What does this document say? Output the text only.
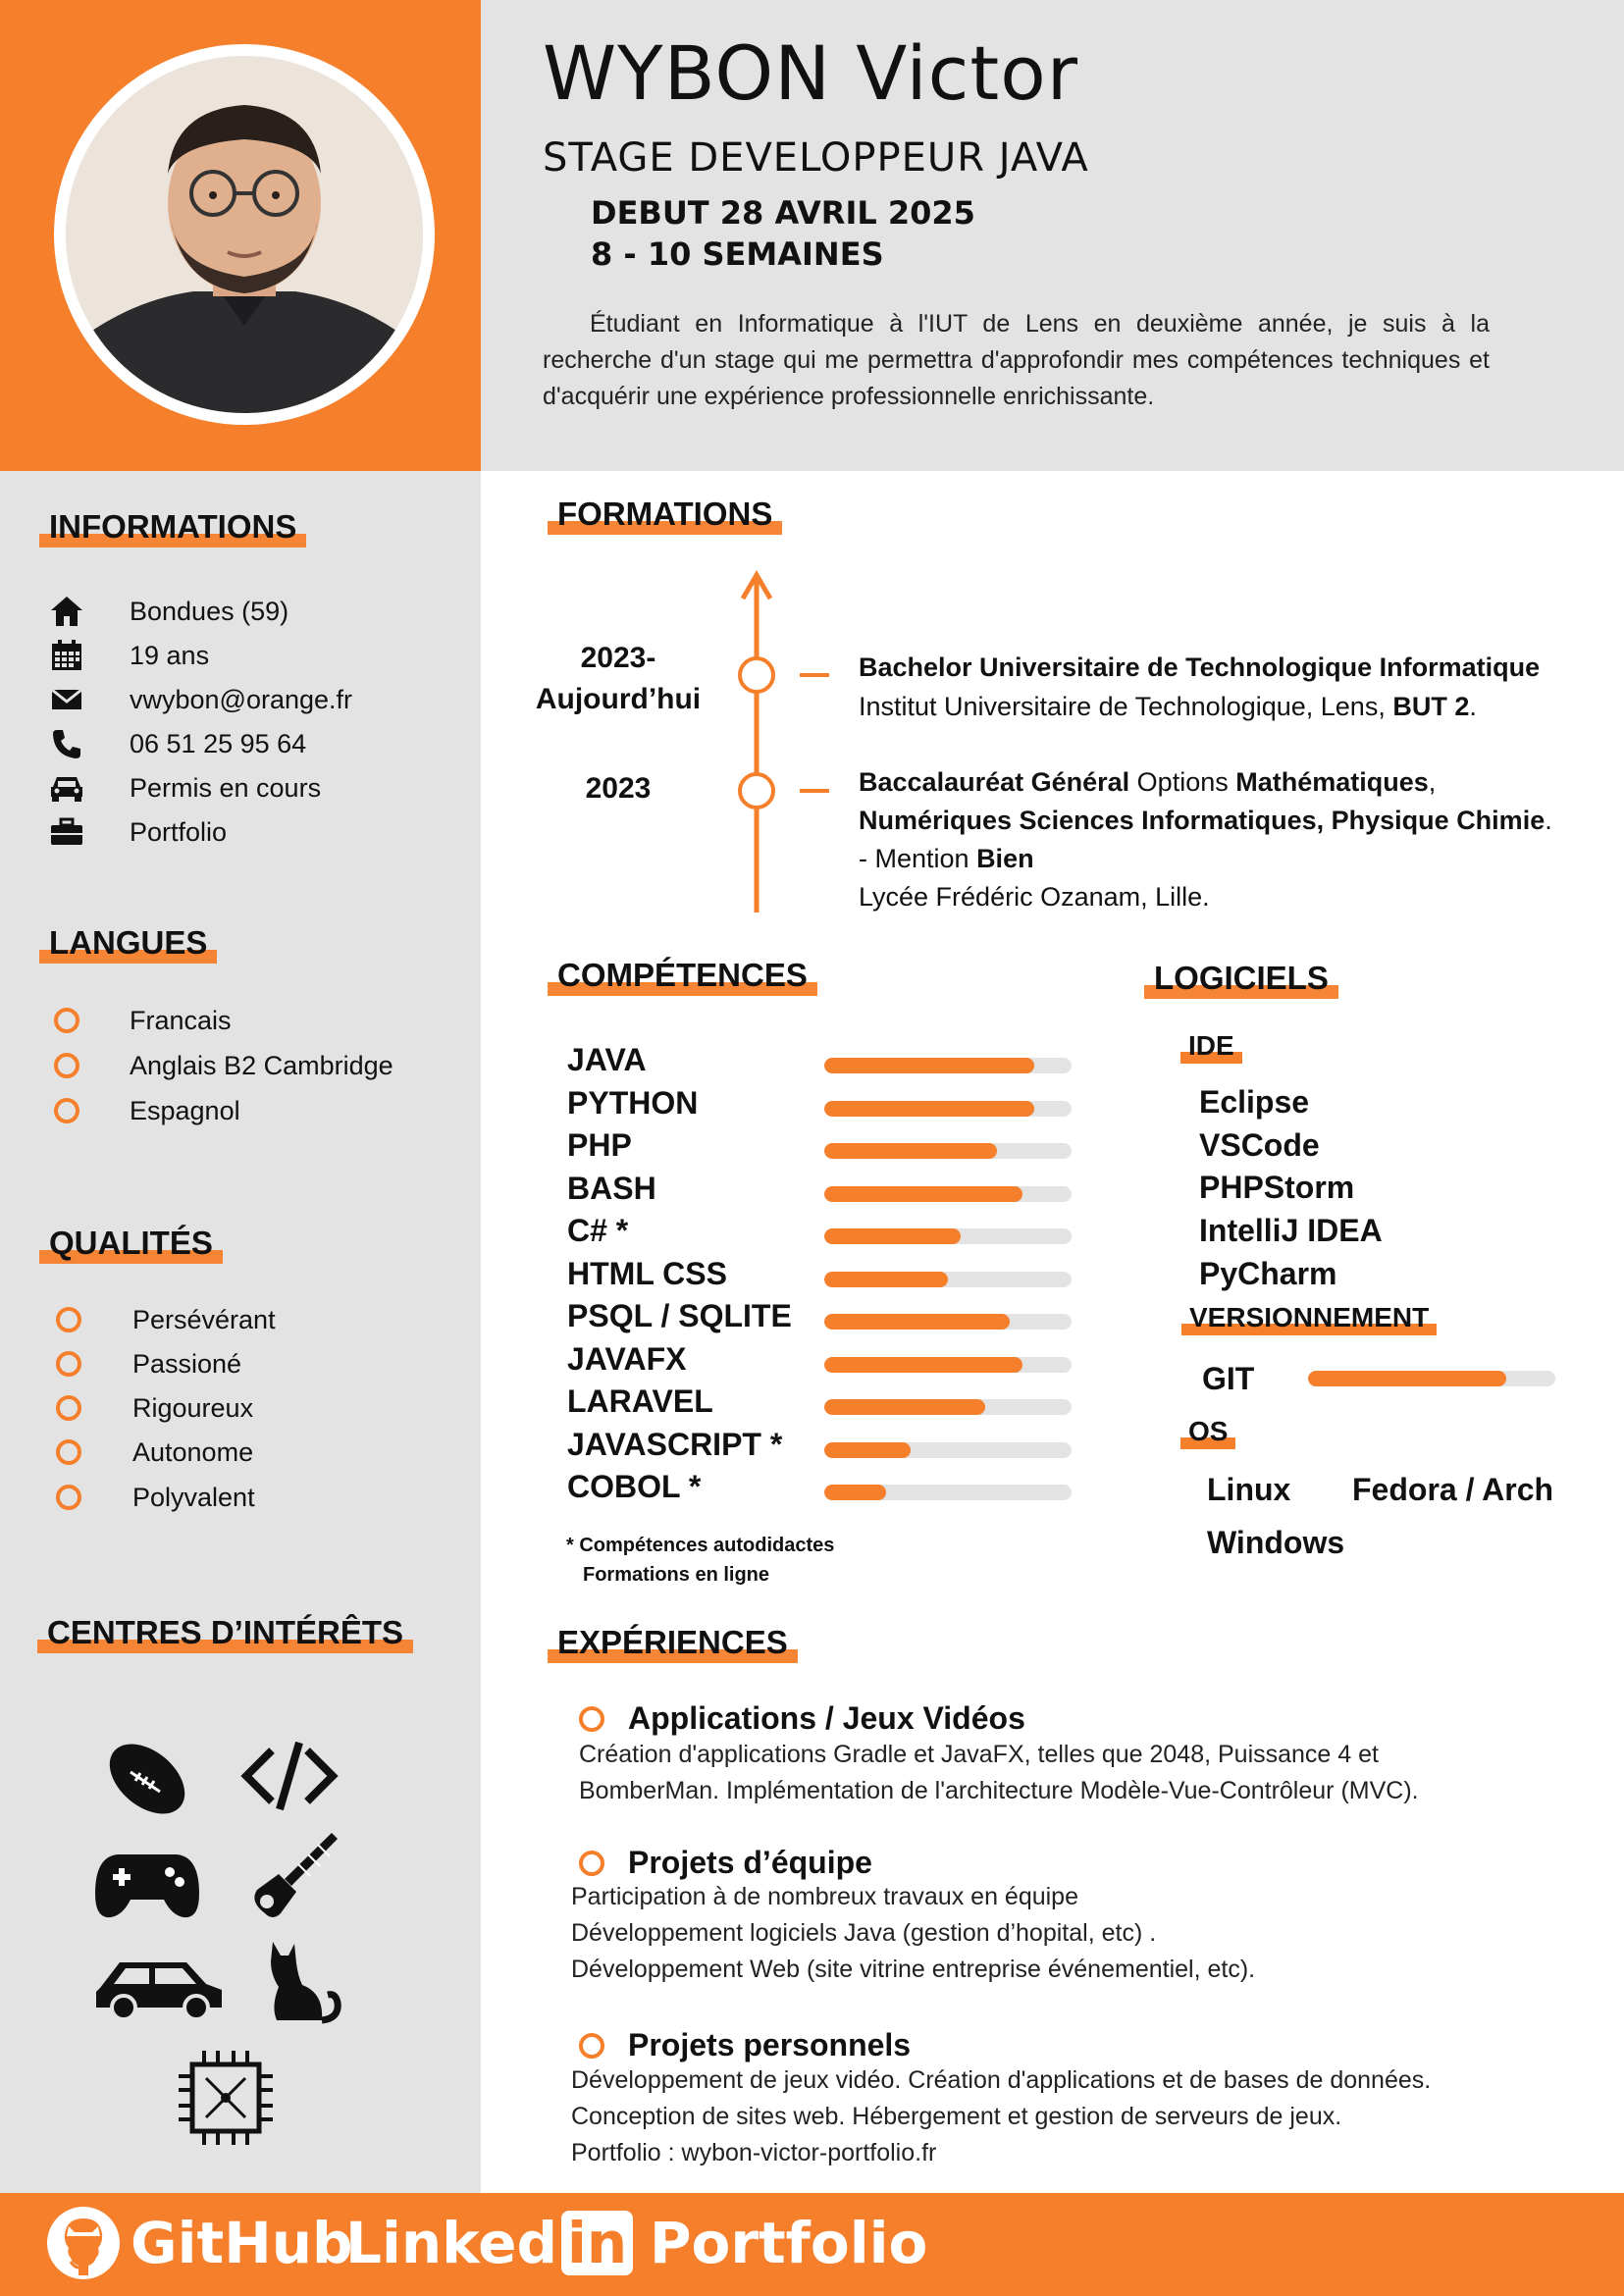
WYBON Victor
STAGE DEVELOPPEUR JAVA
DEBUT 28 AVRIL 2025
8 - 10 SEMAINES
Étudiant en Informatique à l'IUT de Lens en deuxième année, je suis à la recherche d'un stage qui me permettra d'approfondir mes compétences techniques et d'acquérir une expérience professionnelle enrichissante.
INFORMATIONS
Bondues (59)
19 ans
vwybon@orange.fr
06 51 25 95 64
Permis en cours
Portfolio
LANGUES
Francais
Anglais B2 Cambridge
Espagnol
QUALITÉS
Persévérant
Passioné
Rigoureux
Autonome
Polyvalent
CENTRES D’INTÉRÊTS
FORMATIONS
2023-
Aujourd’hui
Bachelor Universitaire de Technologique Informatique
Institut Universitaire de Technologique, Lens, BUT 2.
2023	Baccalauréat Général Options Mathématiques,
Numériques Sciences Informatiques, Physique Chimie.
- Mention Bien
Lycée Frédéric Ozanam, Lille.
COMPÉTENCES
JAVA
PYTHON
PHP
BASH
C# *
HTML CSS
PSQL / SQLITE
JAVAFX
LARAVEL
JAVASCRIPT *
COBOL *
* Compétences autodidactes
Formations en ligne
LOGICIELS
IDE
Eclipse
VSCode
PHPStorm
IntelliJ IDEA
PyCharm
VERSIONNEMENT
GIT
OS
Linux Fedora / Arch
Windows
EXPÉRIENCES
Applications / Jeux Vidéos
Création d'applications Gradle et JavaFX, telles que 2048, Puissance 4 et
BomberMan. Implémentation de l'architecture Modèle-Vue-Contrôleur (MVC).
Projets d’équipe
Participation à de nombreux travaux en équipe
Développement logiciels Java (gestion d’hopital, etc) .
Développement Web (site vitrine entreprise événementiel, etc).
Projets personnels
Développement de jeux vidéo. Création d'applications et de bases de données.
Conception de sites web. Hébergement et gestion de serveurs de jeux.
Portfolio : wybon-victor-portfolio.fr
GitHub
Linked in Portfolio
